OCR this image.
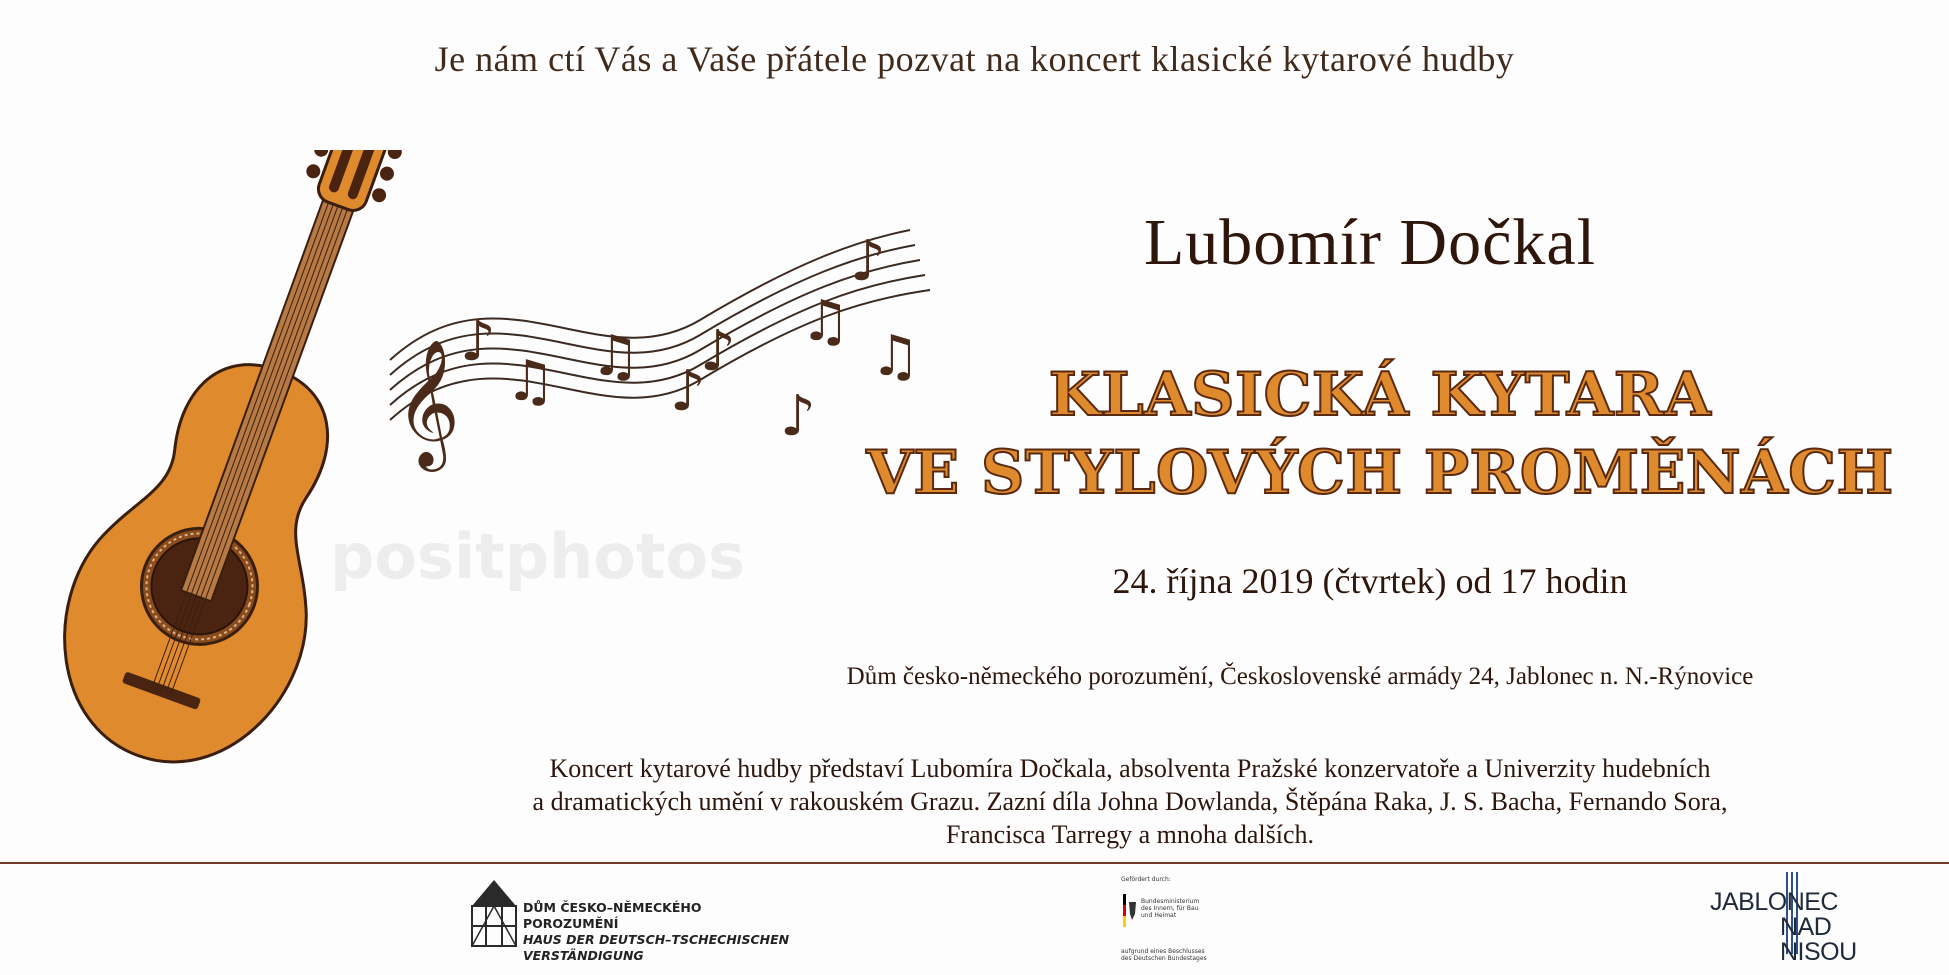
𝄞 ♪
♫ ♫
♪
♪
♪
♫
♪
♫
positphotos
Je nám ctí Vás a Vaše přátele pozvat na koncert klasické kytarové hudby
Lubomír Dočkal
KLASICKÁ KYTARA
VE STYLOVÝCH PROMĚNÁCH
24. října 2019 (čtvrtek) od 17 hodin
Dům česko-německého porozumění, Československé armády 24, Jablonec n. N.-Rýnovice
Koncert kytarové hudby představí Lubomíra Dočkala, absolventa Pražské konzervatoře a Univerzity hudebních
a dramatických umění v rakouském Grazu. Zazní díla Johna Dowlanda, Štěpána Raka, J. S. Bacha, Fernando Sora,
Francisca Tarregy a mnoha dalších.
DŮM ČESKO–NĚMECKÉHO POROZUMĚNÍ
HAUS DER DEUTSCH–TSCHECHISCHEN
VERSTÄNDIGUNG
Gefördert durch:
Bundesministerium
des Innern, für Bau
und Heimat
aufgrund eines Beschlusses
des Deutschen Bundestages
JABLONEC
NAD
NISOU
